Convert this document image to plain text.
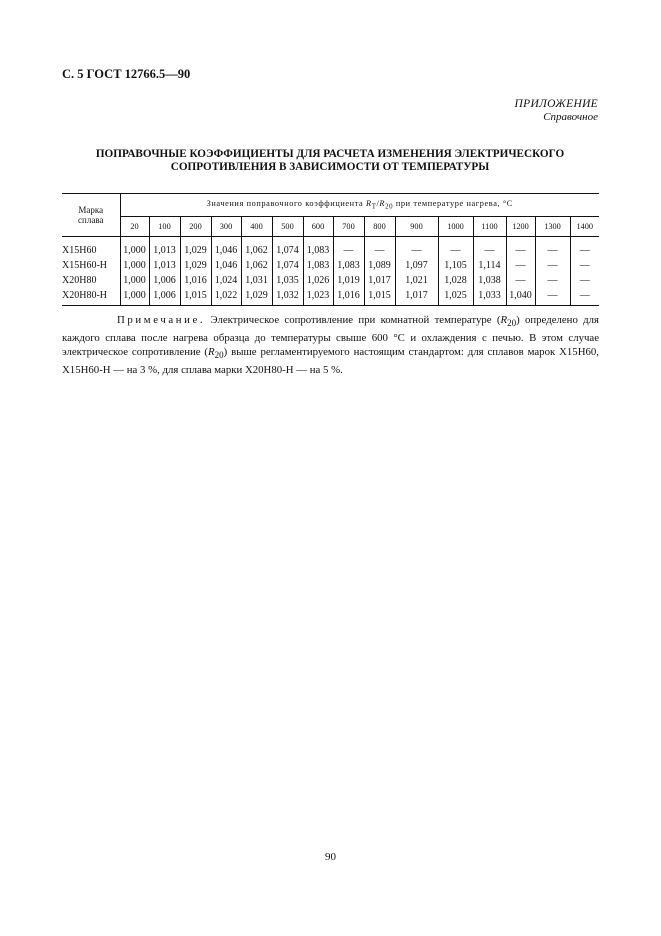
С. 5 ГОСТ 12766.5—90
ПРИЛОЖЕНИЕ
Справочное
ПОПРАВОЧНЫЕ КОЭФФИЦИЕНТЫ ДЛЯ РАСЧЕТА ИЗМЕНЕНИЯ ЭЛЕКТРИЧЕСКОГО
СОПРОТИВЛЕНИЯ В ЗАВИСИМОСТИ ОТ ТЕМПЕРАТУРЫ
Марка
сплава	Значения поправочного коэффициента $R_T/R_{20}$ при температуре нагрева, °С														
	20	100	200	300	400	500	600	700	800	900	1000	1100	1200	1300	1400

Х15Н60	1,000	1,013	1,029	1,046	1,062	1,074	1,083	—	—	—	—	—	—	—	—
Х15Н60-Н	1,000	1,013	1,029	1,046	1,062	1,074	1,083	1,083	1,089	1,097	1,105	1,114	—	—	—
Х20Н80	1,000	1,006	1,016	1,024	1,031	1,035	1,026	1,019	1,017	1,021	1,028	1,038	—	—	—
Х20Н80-Н	1,000	1,006	1,015	1,022	1,029	1,032	1,023	1,016	1,015	1,017	1,025	1,033	1,040	—	—
Примечание. Электрическое сопротивление при комнатной температуре $(R_{20})$ определено для каждого сплава после нагрева образца до температуры свыше 600 °С и охлаждения с печью. В этом случае электрическое сопротивление $(R_{20})$ выше регламентируемого настоящим стандартом: для сплавов марок Х15Н60, Х15Н60-Н — на 3 %, для сплава марки Х20Н80-Н — на 5 %.
90
